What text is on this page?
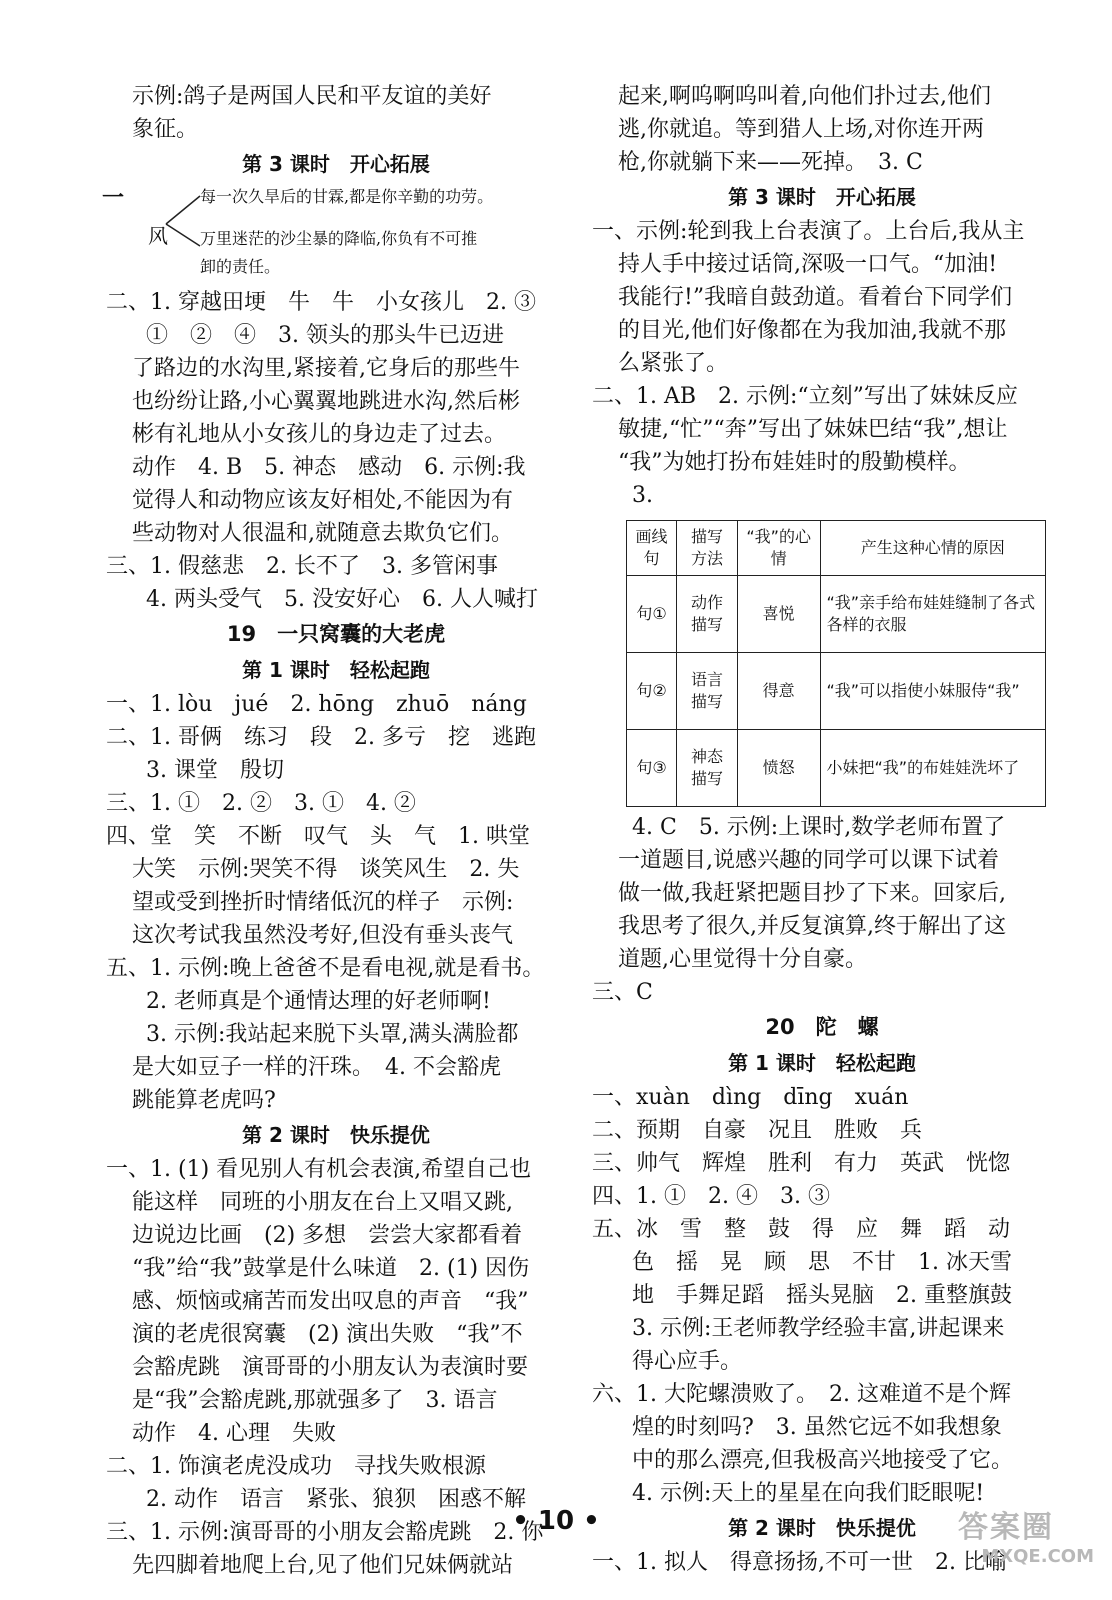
示例:鸽子是两国人民和平友谊的美好
象征。
第 3 课时　开心拓展
一
风
每一次久旱后的甘霖,都是你辛勤的功劳。
万里迷茫的沙尘暴的降临,你负有不可推
卸的责任。
二、1. 穿越田埂　牛　牛　小女孩儿　2. ③
①　②　④　3. 领头的那头牛已迈进
了路边的水沟里,紧接着,它身后的那些牛
也纷纷让路,小心翼翼地跳进水沟,然后彬
彬有礼地从小女孩儿的身边走了过去。
动作　4. B　5. 神态　感动　6. 示例:我
觉得人和动物应该友好相处,不能因为有
些动物对人很温和,就随意去欺负它们。
三、1. 假慈悲　2. 长不了　3. 多管闲事
4. 两头受气　5. 没安好心　6. 人人喊打
19　一只窝囊的大老虎
第 1 课时　轻松起跑
一、1. lòu　jué　2. hōng　zhuō　náng
二、1. 哥俩　练习　段　2. 多亏　挖　逃跑
3. 课堂　殷切
三、1. ①　2. ②　3. ①　4. ②
四、堂　笑　不断　叹气　头　气　1. 哄堂
大笑　示例:哭笑不得　谈笑风生　2. 失
望或受到挫折时情绪低沉的样子　示例:
这次考试我虽然没考好,但没有垂头丧气
五、1. 示例:晚上爸爸不是看电视,就是看书。
2. 老师真是个通情达理的好老师啊!
3. 示例:我站起来脱下头罩,满头满脸都
是大如豆子一样的汗珠。　4. 不会豁虎
跳能算老虎吗?
第 2 课时　快乐提优
一、1. (1) 看见别人有机会表演,希望自己也
能这样　同班的小朋友在台上又唱又跳,
边说边比画　(2) 多想　尝尝大家都看着
“我”给“我”鼓掌是什么味道　2. (1) 因伤
感、烦恼或痛苦而发出叹息的声音　“我”
演的老虎很窝囊　(2) 演出失败　“我”不
会豁虎跳　演哥哥的小朋友认为表演时要
是“我”会豁虎跳,那就强多了　3. 语言
动作　4. 心理　失败
二、1. 饰演老虎没成功　寻找失败根源
2. 动作　语言　紧张、狼狈　困惑不解
三、1. 示例:演哥哥的小朋友会豁虎跳　2. 你
先四脚着地爬上台,见了他们兄妹俩就站
起来,啊呜啊呜叫着,向他们扑过去,他们
逃,你就追。等到猎人上场,对你连开两
枪,你就躺下来——死掉。　3. C
第 3 课时　开心拓展
一、示例:轮到我上台表演了。上台后,我从主
持人手中接过话筒,深吸一口气。“加油!
我能行!”我暗自鼓劲道。看着台下同学们
的目光,他们好像都在为我加油,我就不那
么紧张了。
二、1. AB　2. 示例:“立刻”写出了妹妹反应
敏捷,“忙”“奔”写出了妹妹巴结“我”,想让
“我”为她打扮布娃娃时的殷勤模样。
3.
画线句	描写方法	“我”的心情	产生这种心情的原因
句①	动作描写	喜悦	“我”亲手给布娃娃缝制了各式各样的衣服
句②	语言描写	得意	“我”可以指使小妹服侍“我”
句③	神态描写	愤怒	小妹把“我”的布娃娃洗坏了
4. C　5. 示例:上课时,数学老师布置了
一道题目,说感兴趣的同学可以课下试着
做一做,我赶紧把题目抄了下来。回家后,
我思考了很久,并反复演算,终于解出了这
道题,心里觉得十分自豪。
三、C
20　陀　螺
第 1 课时　轻松起跑
一、xuàn　dìng　dīng　xuán
二、预期　自豪　况且　胜败　兵
三、帅气　辉煌　胜利　有力　英武　恍惚
四、1. ①　2. ④　3. ③
五、冰　雪　整　鼓　得　应　舞　蹈　动
色　摇　晃　顾　思　不甘　1. 冰天雪
地　手舞足蹈　摇头晃脑　2. 重整旗鼓
3. 示例:王老师教学经验丰富,讲起课来
得心应手。
六、1. 大陀螺溃败了。　2. 这难道不是个辉
煌的时刻吗?　3. 虽然它远不如我想象
中的那么漂亮,但我极高兴地接受了它。
4. 示例:天上的星星在向我们眨眼呢!
第 2 课时　快乐提优
一、1. 拟人　得意扬扬,不可一世　2. 比喻
• 10 •	答案圈
MXQE.COM
